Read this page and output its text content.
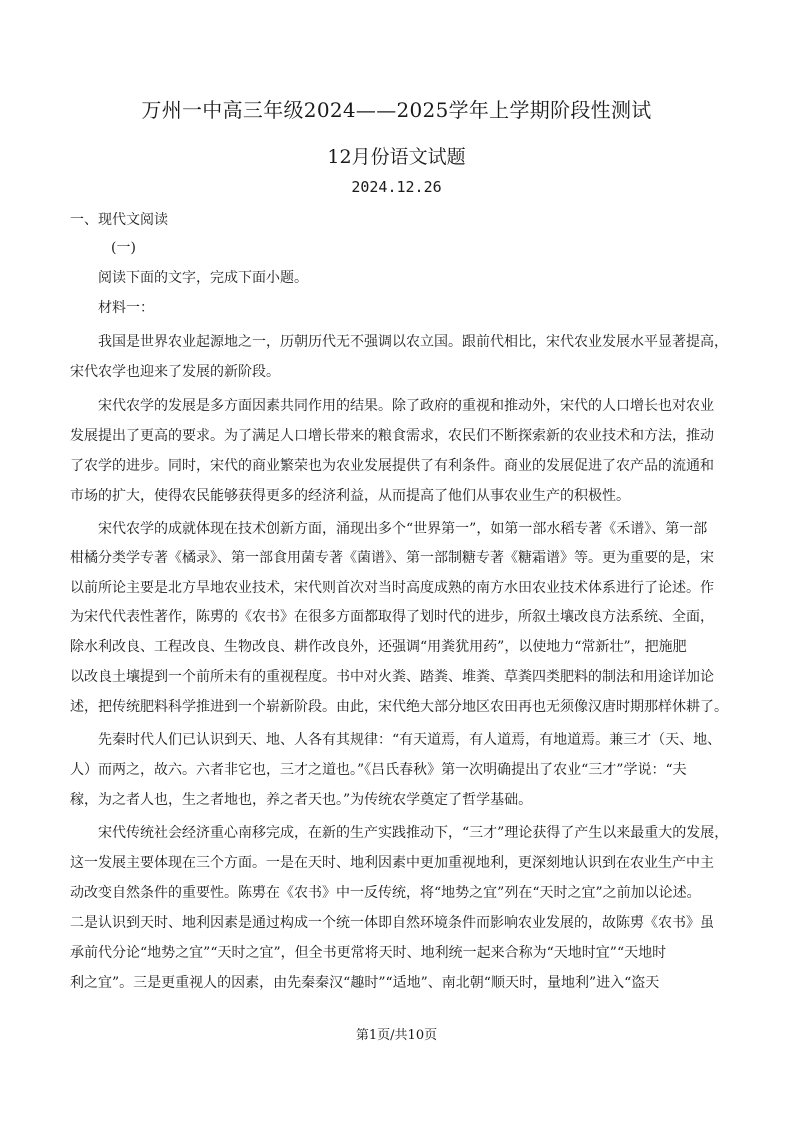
万州一中高三年级2024——2025学年上学期阶段性测试
12月份语文试题
2024.12.26
一、现代文阅读
(一)
阅读下面的文字，完成下面小题。
材料一：
我国是世界农业起源地之一，历朝历代无不强调以农立国。跟前代相比，宋代农业发展水平显著提高，
宋代农学也迎来了发展的新阶段。
宋代农学的发展是多方面因素共同作用的结果。除了政府的重视和推动外，宋代的人口增长也对农业
发展提出了更高的要求。为了满足人口增长带来的粮食需求，农民们不断探索新的农业技术和方法，推动
了农学的进步。同时，宋代的商业繁荣也为农业发展提供了有利条件。商业的发展促进了农产品的流通和
市场的扩大，使得农民能够获得更多的经济利益，从而提高了他们从事农业生产的积极性。
宋代农学的成就体现在技术创新方面，涌现出多个“世界第一”，如第一部水稻专著《禾谱》、第一部
柑橘分类学专著《橘录》、第一部食用菌专著《菌谱》、第一部制糖专著《糖霜谱》等。更为重要的是，宋
以前所论主要是北方旱地农业技术，宋代则首次对当时高度成熟的南方水田农业技术体系进行了论述。作
为宋代代表性著作，陈旉的《农书》在很多方面都取得了划时代的进步，所叙土壤改良方法系统、全面，
除水利改良、工程改良、生物改良、耕作改良外，还强调“用粪犹用药”，以使地力“常新壮”，把施肥
以改良土壤提到一个前所未有的重视程度。书中对火粪、踏粪、堆粪、草粪四类肥料的制法和用途详加论
述，把传统肥料科学推进到一个崭新阶段。由此，宋代绝大部分地区农田再也无须像汉唐时期那样休耕了。
先秦时代人们已认识到天、地、人各有其规律：“有天道焉，有人道焉，有地道焉。兼三才（天、地、
人）而两之，故六。六者非它也，三才之道也。”《吕氏春秋》第一次明确提出了农业“三才”学说：“夫
稼，为之者人也，生之者地也，养之者天也。”为传统农学奠定了哲学基础。
宋代传统社会经济重心南移完成，在新的生产实践推动下，“三才”理论获得了产生以来最重大的发展，
这一发展主要体现在三个方面。一是在天时、地利因素中更加重视地利，更深刻地认识到在农业生产中主
动改变自然条件的重要性。陈旉在《农书》中一反传统，将“地势之宜”列在“天时之宜”之前加以论述。
二是认识到天时、地利因素是通过构成一个统一体即自然环境条件而影响农业发展的，故陈旉《农书》虽
承前代分论“地势之宜”“天时之宜”，但全书更常将天时、地利统一起来合称为“天地时宜”“天地时
利之宜”。三是更重视人的因素，由先秦秦汉“趣时”“适地”、南北朝“顺天时，量地利”进入“盗天
第1页/共10页
